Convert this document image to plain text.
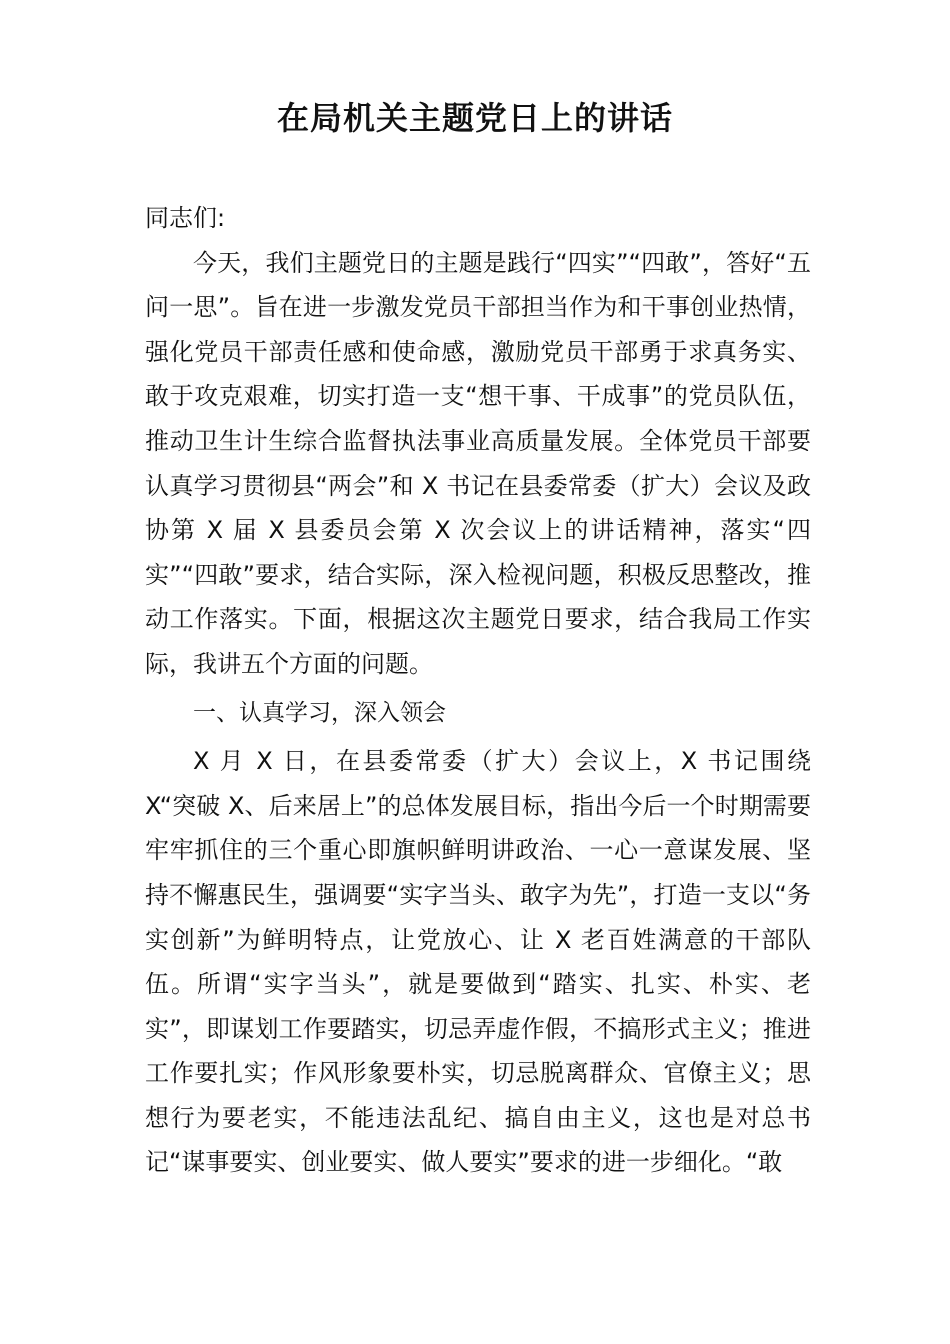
在局机关主题党日上的讲话

同志们:

今天，我们主题党日的主题是践行“四实”“四敢”，答好“五问一思”。旨在进一步激发党员干部担当作为和干事创业热情，强化党员干部责任感和使命感，激励党员干部勇于求真务实、敢于攻克艰难，切实打造一支“想干事、干成事”的党员队伍，推动卫生计生综合监督执法事业高质量发展。全体党员干部要认真学习贯彻县“两会”和 X 书记在县委常委（扩大）会议及政协第 X 届 X 县委员会第 X 次会议上的讲话精神，落实“四实”“四敢”要求，结合实际，深入检视问题，积极反思整改，推动工作落实。下面，根据这次主题党日要求，结合我局工作实际，我讲五个方面的问题。

一、认真学习，深入领会

X 月 X 日，在县委常委（扩大）会议上，X 书记围绕 X“突破 X、后来居上”的总体发展目标，指出今后一个时期需要牢牢抓住的三个重心即旗帜鲜明讲政治、一心一意谋发展、坚持不懈惠民生，强调要“实字当头、敢字为先”，打造一支以“务实创新”为鲜明特点，让党放心、让 X 老百姓满意的干部队伍。所谓“实字当头”，就是要做到“踏实、扎实、朴实、老实”，即谋划工作要踏实，切忌弄虚作假，不搞形式主义；推进工作要扎实；作风形象要朴实，切忌脱离群众、官僚主义；思想行为要老实，不能违法乱纪、搞自由主义，这也是对总书记“谋事要实、创业要实、做人要实”要求的进一步细化。“敢
